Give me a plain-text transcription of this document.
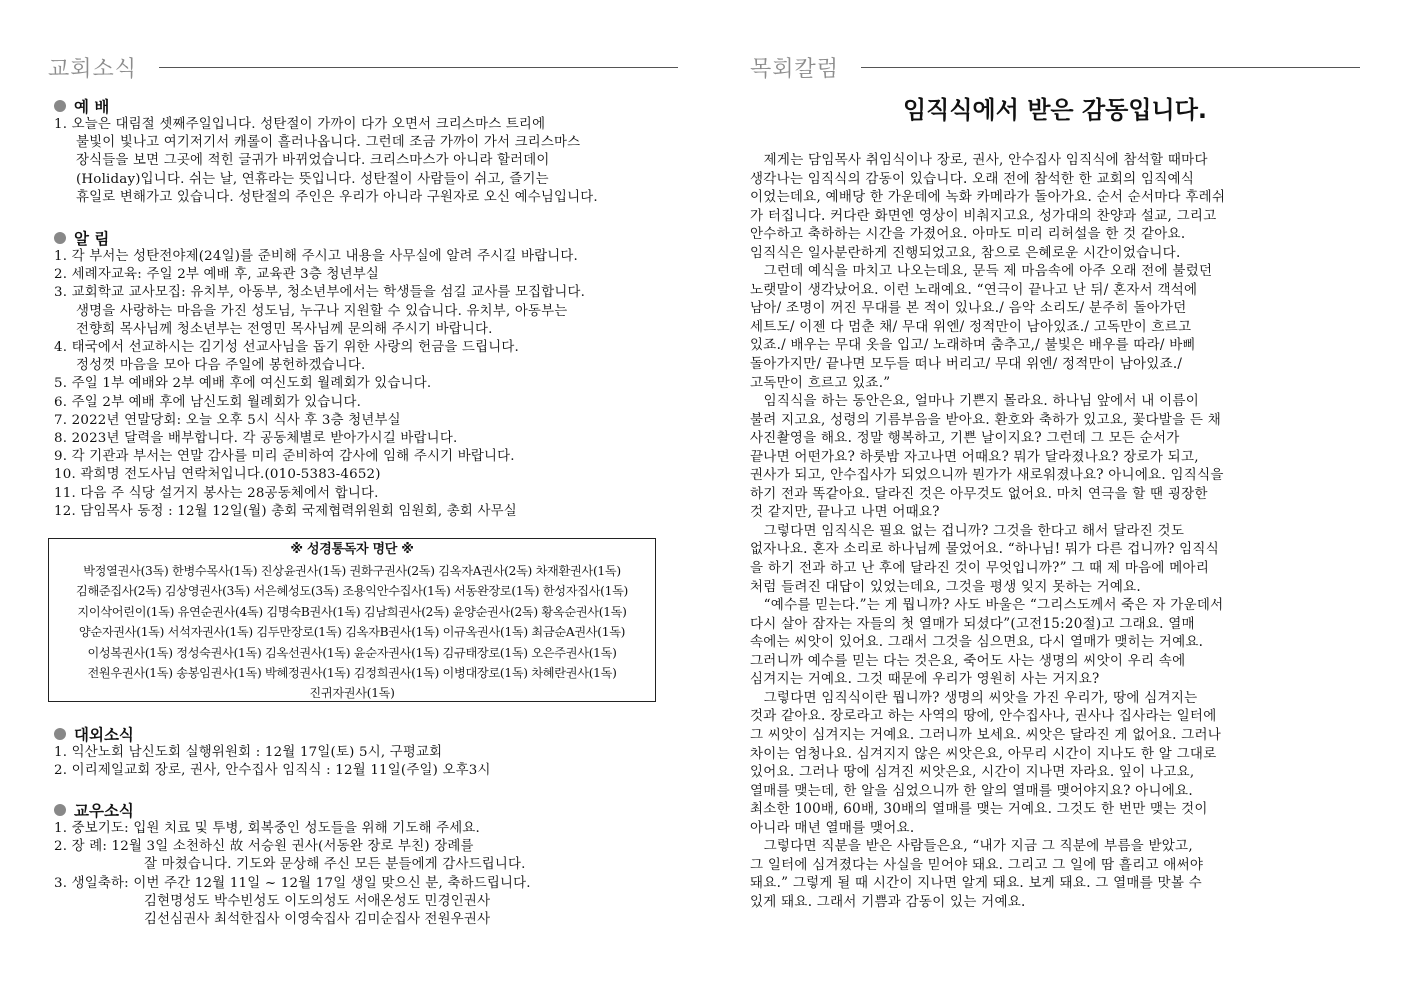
교회소식
예 배
1. 오늘은 대림절 셋째주일입니다. 성탄절이 가까이 다가 오면서 크리스마스 트리에
불빛이 빛나고 여기저기서 캐롤이 흘러나옵니다. 그런데 조금 가까이 가서 크리스마스
장식들을 보면 그곳에 적힌 글귀가 바뀌었습니다. 크리스마스가 아니라 할러데이
(Holiday)입니다. 쉬는 날, 연휴라는 뜻입니다. 성탄절이 사람들이 쉬고, 즐기는
휴일로 변해가고 있습니다. 성탄절의 주인은 우리가 아니라 구원자로 오신 예수님입니다.
알 림
1. 각 부서는 성탄전야제(24일)를 준비해 주시고 내용을 사무실에 알려 주시길 바랍니다.
2. 세례자교육: 주일 2부 예배 후, 교육관 3층 청년부실
3. 교회학교 교사모집: 유치부, 아동부, 청소년부에서는 학생들을 섬길 교사를 모집합니다.
생명을 사랑하는 마음을 가진 성도님, 누구나 지원할 수 있습니다. 유치부, 아동부는
전향희 목사님께 청소년부는 전영민 목사님께 문의해 주시기 바랍니다.
4. 태국에서 선교하시는 김기성 선교사님을 돕기 위한 사랑의 헌금을 드립니다.
정성껏 마음을 모아 다음 주일에 봉헌하겠습니다.
5. 주일 1부 예배와 2부 예배 후에 여신도회 월례회가 있습니다.
6. 주일 2부 예배 후에 남신도회 월례회가 있습니다.
7. 2022년 연말당회: 오늘 오후 5시 식사 후 3층 청년부실
8. 2023년 달력을 배부합니다. 각 공동체별로 받아가시길 바랍니다.
9. 각 기관과 부서는 연말 감사를 미리 준비하여 감사에 임해 주시기 바랍니다.
10. 곽희명 전도사님 연락처입니다.(010-5383-4652)
11. 다음 주 식당 설거지 봉사는 28공동체에서 합니다.
12. 담임목사 동정 : 12월 12일(월) 총회 국제협력위원회 임원회, 총회 사무실
※ 성경통독자 명단 ※
박정열권사(3독) 한병수목사(1독) 진상윤권사(1독) 권화구권사(2독) 김옥자A권사(2독) 차재환권사(1독)
김해준집사(2독) 김상영권사(3독) 서은혜성도(3독) 조용익안수집사(1독) 서동완장로(1독) 한성자집사(1독)
지이삭어린이(1독) 유연순권사(4독) 김명숙B권사(1독) 김남희권사(2독) 윤양순권사(2독) 황옥순권사(1독)
양순자권사(1독) 서석자권사(1독) 김두만장로(1독) 김옥자B권사(1독) 이규옥권사(1독) 최금순A권사(1독)
이성복권사(1독) 정성숙권사(1독) 김옥선권사(1독) 윤순자권사(1독) 김규태장로(1독) 오은주권사(1독)
전원우권사(1독) 송봉임권사(1독) 박혜정권사(1독) 김정희권사(1독) 이병대장로(1독) 차혜란권사(1독)
진귀자권사(1독)
대외소식
1. 익산노회 남신도회 실행위원회 : 12월 17일(토) 5시, 구평교회
2. 이리제일교회 장로, 권사, 안수집사 임직식 : 12월 11일(주일) 오후3시
교우소식
1. 중보기도: 입원 치료 및 투병, 회복중인 성도들을 위해 기도해 주세요.
2. 장 례: 12월 3일 소천하신 故 서승원 권사(서동완 장로 부친) 장례를
잘 마쳤습니다. 기도와 문상해 주신 모든 분들에게 감사드립니다.
3. 생일축하: 이번 주간 12월 11일 ~ 12월 17일 생일 맞으신 분, 축하드립니다.
김현명성도 박수빈성도 이도의성도 서애온성도 민경인권사
김선심권사 최석한집사 이영숙집사 김미순집사 전원우권사
목회칼럼
임직식에서 받은 감동입니다.
제게는 담임목사 취임식이나 장로, 권사, 안수집사 임직식에 참석할 때마다
생각나는 임직식의 감동이 있습니다. 오래 전에 참석한 한 교회의 임직예식
이었는데요, 예배당 한 가운데에 녹화 카메라가 돌아가요. 순서 순서마다 후레쉬
가 터집니다. 커다란 화면엔 영상이 비춰지고요, 성가대의 찬양과 설교, 그리고
안수하고 축하하는 시간을 가졌어요. 아마도 미리 리허설을 한 것 같아요.
임직식은 일사분란하게 진행되었고요, 참으로 은혜로운 시간이었습니다.
그런데 예식을 마치고 나오는데요, 문득 제 마음속에 아주 오래 전에 불렀던
노랫말이 생각났어요. 이런 노래예요. “연극이 끝나고 난 뒤/ 혼자서 객석에
남아/ 조명이 꺼진 무대를 본 적이 있나요./ 음악 소리도/ 분주히 돌아가던
세트도/ 이젠 다 멈춘 채/ 무대 위엔/ 정적만이 남아있죠./ 고독만이 흐르고
있죠./ 배우는 무대 옷을 입고/ 노래하며 춤추고,/ 불빛은 배우를 따라/ 바삐
돌아가지만/ 끝나면 모두들 떠나 버리고/ 무대 위엔/ 정적만이 남아있죠./
고독만이 흐르고 있죠.”
임직식을 하는 동안은요, 얼마나 기쁜지 몰라요. 하나님 앞에서 내 이름이
불려 지고요, 성령의 기름부음을 받아요. 환호와 축하가 있고요, 꽃다발을 든 채
사진촬영을 해요. 정말 행복하고, 기쁜 날이지요? 그런데 그 모든 순서가
끝나면 어떤가요? 하룻밤 자고나면 어때요? 뭐가 달라졌나요? 장로가 되고,
권사가 되고, 안수집사가 되었으니까 뭔가가 새로워졌나요? 아니에요. 임직식을
하기 전과 똑같아요. 달라진 것은 아무것도 없어요. 마치 연극을 할 땐 굉장한
것 같지만, 끝나고 나면 어때요?
그렇다면 임직식은 필요 없는 겁니까? 그것을 한다고 해서 달라진 것도
없자나요. 혼자 소리로 하나님께 물었어요. “하나님! 뭐가 다른 겁니까? 임직식
을 하기 전과 하고 난 후에 달라진 것이 무엇입니까?” 그 때 제 마음에 메아리
처럼 들려진 대답이 있었는데요, 그것을 평생 잊지 못하는 거예요.
“예수를 믿는다.”는 게 뭡니까? 사도 바울은 “그리스도께서 죽은 자 가운데서
다시 살아 잠자는 자들의 첫 열매가 되셨다”(고전15:20절)고 그래요. 열매
속에는 씨앗이 있어요. 그래서 그것을 심으면요, 다시 열매가 맺히는 거예요.
그러니까 예수를 믿는 다는 것은요, 죽어도 사는 생명의 씨앗이 우리 속에
심겨지는 거예요. 그것 때문에 우리가 영원히 사는 거지요?
그렇다면 임직식이란 뭡니까? 생명의 씨앗을 가진 우리가, 땅에 심겨지는
것과 같아요. 장로라고 하는 사역의 땅에, 안수집사나, 권사나 집사라는 일터에
그 씨앗이 심겨지는 거예요. 그러니까 보세요. 씨앗은 달라진 게 없어요. 그러나
차이는 엄청나요. 심겨지지 않은 씨앗은요, 아무리 시간이 지나도 한 알 그대로
있어요. 그러나 땅에 심겨진 씨앗은요, 시간이 지나면 자라요. 잎이 나고요,
열매를 맺는데, 한 알을 심었으니까 한 알의 열매를 맺어야지요? 아니에요.
최소한 100배, 60배, 30배의 열매를 맺는 거예요. 그것도 한 번만 맺는 것이
아니라 매년 열매를 맺어요.
그렇다면 직분을 받은 사람들은요, “내가 지금 그 직분에 부름을 받았고,
그 일터에 심겨졌다는 사실을 믿어야 돼요. 그리고 그 일에 땀 흘리고 애써야
돼요.” 그렇게 될 때 시간이 지나면 알게 돼요. 보게 돼요. 그 열매를 맛볼 수
있게 돼요. 그래서 기쁨과 감동이 있는 거예요.
